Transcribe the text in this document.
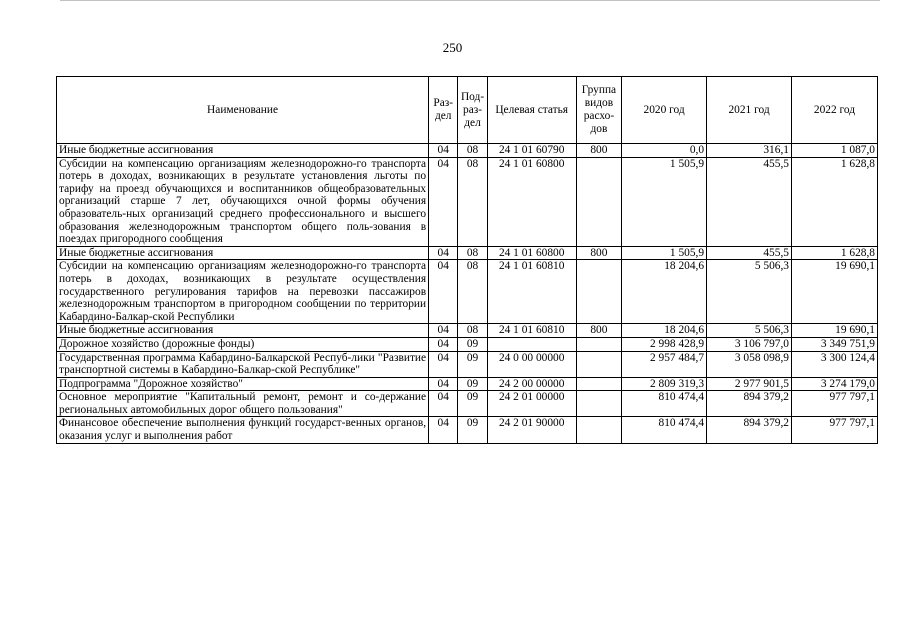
250
Наименование	Раз-дел	Под-раз-дел	Целевая статья	Группа видов расхо-дов	2020 год	2021 год	2022 год
Иные бюджетные ассигнования	04	08	24 1 01 60790	800	0,0	316,1	1 087,0
Субсидии на компенсацию организациям железнодорожно-го транспорта потерь в доходах, возникающих в результате установления льготы по тарифу на проезд обучающихся и воспитанников общеобразовательных организаций старше 7 лет, обучающихся очной формы обучения образователь-ных организаций среднего профессионального и высшего образования железнодорожным транспортом общего поль-зования в поездах пригородного сообщения	04	08	24 1 01 60800		1 505,9	455,5	1 628,8
Иные бюджетные ассигнования	04	08	24 1 01 60800	800	1 505,9	455,5	1 628,8
Субсидии на компенсацию организациям железнодорожно-го транспорта потерь в доходах, возникающих в результате осуществления государственного регулирования тарифов на перевозки пассажиров железнодорожным транспортом в пригородном сообщении по территории Кабардино-Балкар-ской Республики	04	08	24 1 01 60810		18 204,6	5 506,3	19 690,1
Иные бюджетные ассигнования	04	08	24 1 01 60810	800	18 204,6	5 506,3	19 690,1
Дорожное хозяйство (дорожные фонды)	04	09			2 998 428,9	3 106 797,0	3 349 751,9
Государственная программа Кабардино-Балкарской Респуб-лики "Развитие транспортной системы в Кабардино-Балкар-ской Республике"	04	09	24 0 00 00000		2 957 484,7	3 058 098,9	3 300 124,4
Подпрограмма "Дорожное хозяйство"	04	09	24 2 00 00000		2 809 319,3	2 977 901,5	3 274 179,0
Основное мероприятие "Капитальный ремонт, ремонт и со-держание региональных автомобильных дорог общего пользования"	04	09	24 2 01 00000		810 474,4	894 379,2	977 797,1
Финансовое обеспечение выполнения функций государст-венных органов, оказания услуг и выполнения работ	04	09	24 2 01 90000		810 474,4	894 379,2	977 797,1
